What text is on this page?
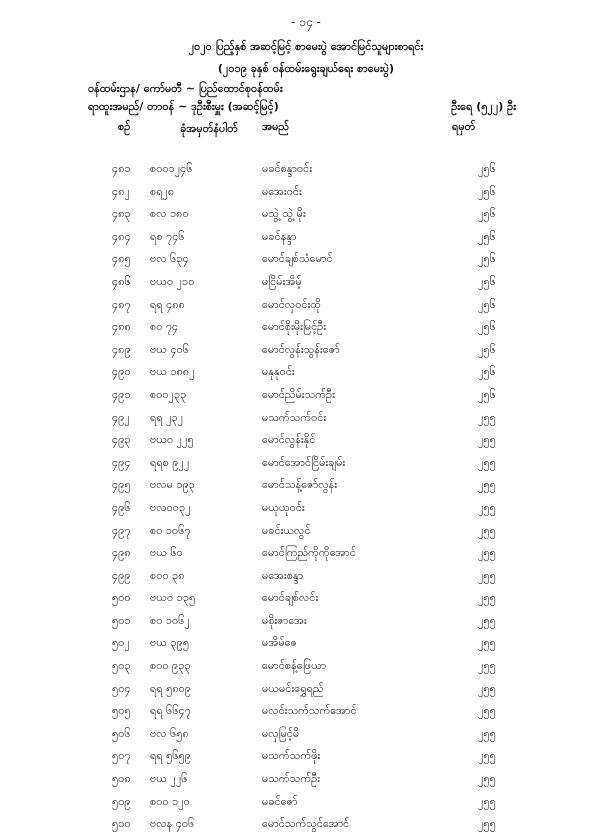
- ၁၄ -
၂၀၂၀ ပြည့်နှစ် အဆင့်မြင့် စာမေးပွဲ အောင်မြင်သူများစာရင်း
(၂၀၁၉ ခုနှစ် ဝန်ထမ်းရွေးချယ်ရေး စာမေးပွဲ)
ဝန်ထမ်းဌာန/ ကော်မတီ ~ ပြည်ထောင်စုဝန်ထမ်း
ရာထူးအမည်/ တာဝန် ~ ဒုဦးစီးမှူး (အဆင့်မြင့်)	ဦးရေ (၅၂၂) ဦး
စဉ်	ခုံအမှတ်နံပါတ်	အမည်	ရမှတ်
၄၈၁ စဝ၀၁၂၄၆	မခင်စန္ဒာဝင်း	၂၅၆
၄၈၂ စရ၂၈	မအေးဝင်း	၂၅၆
၄၈၃ စလ ၁၈၀	မသွဲ့ သွဲ့ မိုး	၂၅၆
၄၈၄ ရစ ၇၄၆	မခင်နန္ဒာ	၂၅၆
၄၈၅ ဗလ ၆၃၄	မောင်ချစ်သံမောင်	၂၅၆
၄၈၆ ဗယ၀ ၂၁၀	မငြိမ်းအိမ့်	၂၅၆
၄၈၇ ရရ ၄၈၈	မောင်လှဝင်းထို	၂၅၆
၄၈၈ စဝ ၇၄	မောင်စိုးမိုးမြင့်ဦး	၂၅၆
၄၈၉ ဗယ ၄၀၆	မောင်လွန်းသွန်းဇော်	၂၅၆
၄၉၀ ဗယ ၁၈၈၂	မနုနုဝင်း	၂၅၆
၄၉၁ စဝ၀၂၃၃	မောင်ညိမ်းသက်ဦး	၂၅၆
၄၉၂ ရရ ၂၃၂	မသက်သက်ဝင်း	၂၅၅
၄၉၃ ဗယ၀ ၂၂၅	မောင်လွန်းနိုင်	၂၅၅
၄၉၄ ရရစ ၉၂၂	မောင်အောင်ငြိမ်းချမ်း	၂၅၅
၄၉၅ ဗလမ ၁၉၃	မောင်သန့်ဇော်လွန်း	၂၅၅
၄၉၆ ဗလ၀၀၃၂	မယုယုဝင်း	၂၅၅
၄၉၇ စဝ ၁၀၆၇	မခင်းယလွင်	၂၅၅
၄၉၈ ဗယ ၆၀	မောင်ကြည်ကိုကိုအောင်	၂၅၅
၄၉၉ စဝ၀ ၃၈	မအေးစန္ဒာ	၂၅၅
၅၀၀ ဗယ၀ ၁၃၅	မောင်ချစ်လင်း	၂၅၅
၅၀၁ စဝ ၁၀၆၂	မစိုးဇာအေး	၂၅၅
၅၀၂ ဗယ ၃၉၅	မအိမ်ဇေ	၂၅၅
၅၀၃ စဝ၀ ၉၃၃	မောင်စန့်ဖြေယာ	၂၅၅
၅၀၄ ရရ ၅၈၀၉	မယမင်းရွှေရည်	၂၅၅
၅၀၅ ရရ ၆၆၄၇	မလင်းသက်သက်အောင်	၂၅၅
၅၀၆ ဗလ ၆၅၈	မလှမြင့်မိ	၂၅၅
၅၀၇ ရရ ၅၆၅၉	မသက်သက်ဖိုး	၂၅၅
၅၀၈ ဗယ ၂၂၆	မသက်သက်ဦး	၂၅၅
၅၀၉ စဝ၀ ၁၂၀	မခင်ဇော်	၂၅၅
၅၁၀ ဗလန ၄၀၆	မောင်သက်သွင်အောင်	၂၅၅
